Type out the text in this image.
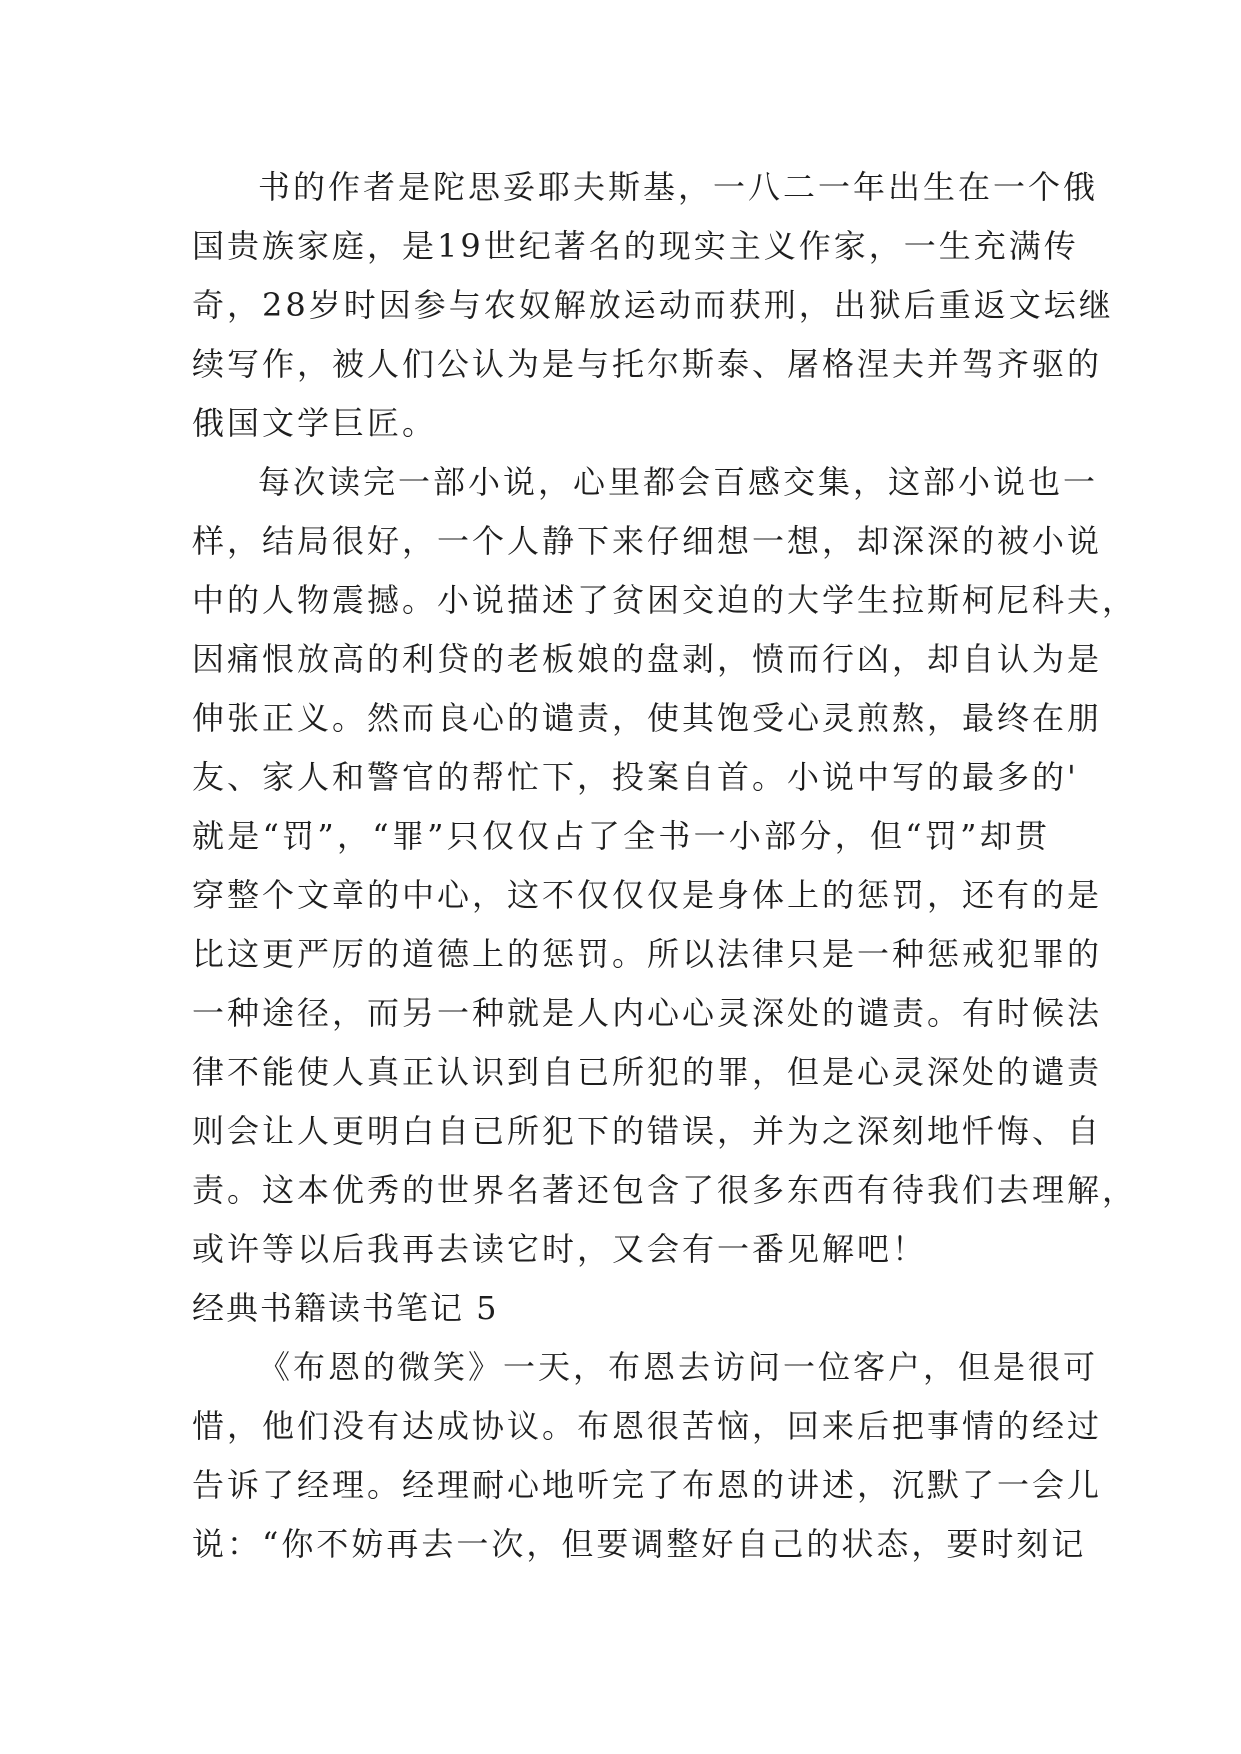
书的作者是陀思妥耶夫斯基，一八二一年出生在一个俄
国贵族家庭，是19世纪著名的现实主义作家，一生充满传
奇，28岁时因参与农奴解放运动而获刑，出狱后重返文坛继
续写作，被人们公认为是与托尔斯泰、屠格涅夫并驾齐驱的
俄国文学巨匠。
每次读完一部小说，心里都会百感交集，这部小说也一
样，结局很好，一个人静下来仔细想一想，却深深的被小说
中的人物震撼。小说描述了贫困交迫的大学生拉斯柯尼科夫，
因痛恨放高的利贷的老板娘的盘剥，愤而行凶，却自认为是
伸张正义。然而良心的谴责，使其饱受心灵煎熬，最终在朋
友、家人和警官的帮忙下，投案自首。小说中写的最多的'
就是“罚”，“罪”只仅仅占了全书一小部分，但“罚”却贯
穿整个文章的中心，这不仅仅仅是身体上的惩罚，还有的是
比这更严厉的道德上的惩罚。所以法律只是一种惩戒犯罪的
一种途径，而另一种就是人内心心灵深处的谴责。有时候法
律不能使人真正认识到自已所犯的罪，但是心灵深处的谴责
则会让人更明白自已所犯下的错误，并为之深刻地忏悔、自
责。这本优秀的世界名著还包含了很多东西有待我们去理解，
或许等以后我再去读它时，又会有一番见解吧！
经典书籍读书笔记 5
《布恩的微笑》一天，布恩去访问一位客户，但是很可
惜，他们没有达成协议。布恩很苦恼，回来后把事情的经过
告诉了经理。经理耐心地听完了布恩的讲述，沉默了一会儿
说：“你不妨再去一次，但要调整好自己的状态，要时刻记
